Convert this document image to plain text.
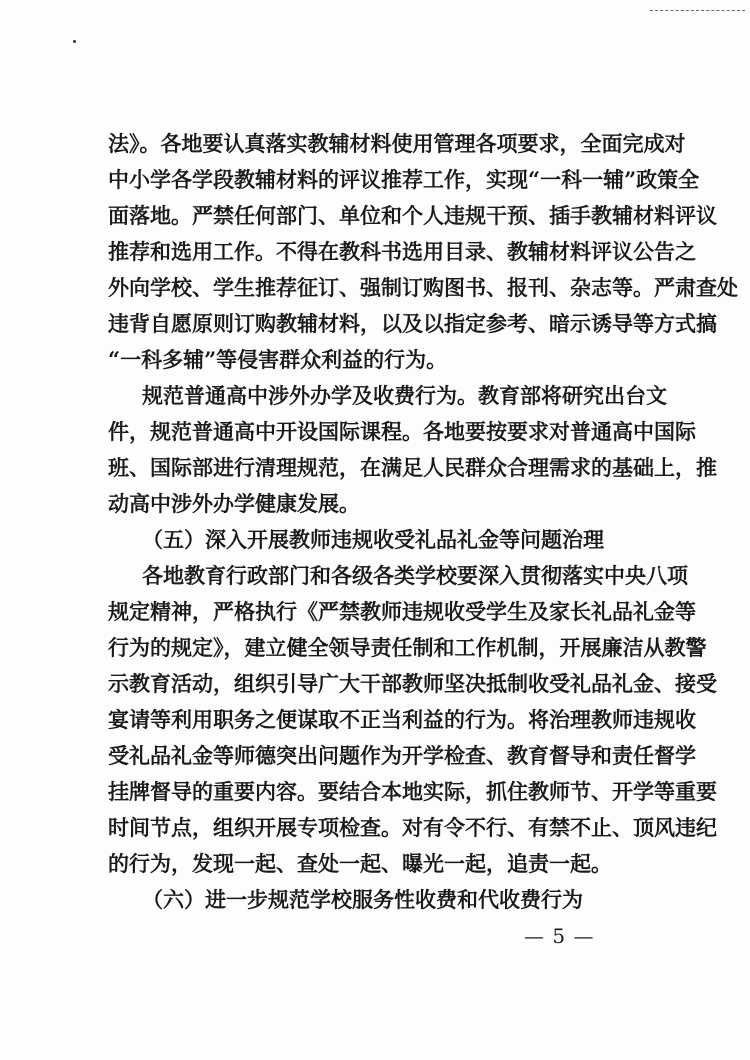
法》。各地要认真落实教辅材料使用管理各项要求，全面完成对
中小学各学段教辅材料的评议推荐工作，实现“一科一辅”政策全
面落地。严禁任何部门、单位和个人违规干预、插手教辅材料评议
推荐和选用工作。不得在教科书选用目录、教辅材料评议公告之
外向学校、学生推荐征订、强制订购图书、报刊、杂志等。严肃查处
违背自愿原则订购教辅材料，以及以指定参考、暗示诱导等方式搞
“一科多辅”等侵害群众利益的行为。
规范普通高中涉外办学及收费行为。教育部将研究出台文
件，规范普通高中开设国际课程。各地要按要求对普通高中国际
班、国际部进行清理规范，在满足人民群众合理需求的基础上，推
动高中涉外办学健康发展。
（五）深入开展教师违规收受礼品礼金等问题治理
各地教育行政部门和各级各类学校要深入贯彻落实中央八项
规定精神，严格执行《严禁教师违规收受学生及家长礼品礼金等
行为的规定》，建立健全领导责任制和工作机制，开展廉洁从教警
示教育活动，组织引导广大干部教师坚决抵制收受礼品礼金、接受
宴请等利用职务之便谋取不正当利益的行为。将治理教师违规收
受礼品礼金等师德突出问题作为开学检查、教育督导和责任督学
挂牌督导的重要内容。要结合本地实际，抓住教师节、开学等重要
时间节点，组织开展专项检查。对有令不行、有禁不止、顶风违纪
的行为，发现一起、查处一起、曝光一起，追责一起。
（六）进一步规范学校服务性收费和代收费行为
— 5 —
